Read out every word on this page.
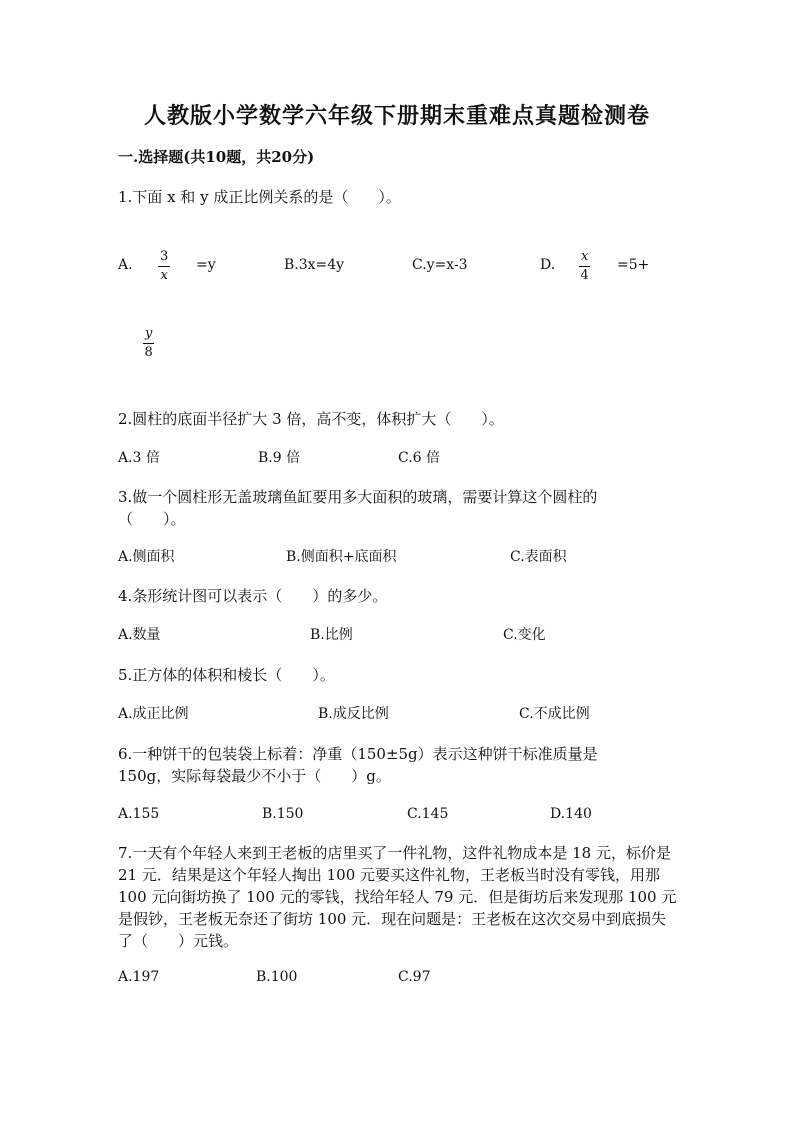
人教版小学数学六年级下册期末重难点真题检测卷
一.选择题(共10题，共20分)
1.下面 x 和 y 成正比例关系的是（　　）。
A.
3
x
=y	B.3x=4y	C.y=x-3	D.
x
4
=5+
y
8
2.圆柱的底面半径扩大 3 倍，高不变，体积扩大（　　）。
A.3 倍	B.9 倍	C.6 倍
3.做一个圆柱形无盖玻璃鱼缸要用多大面积的玻璃，需要计算这个圆柱的（　　）。
A.侧面积	B.侧面积+底面积	C.表面积
4.条形统计图可以表示（　　）的多少。
A.数量	B.比例	C.变化
5.正方体的体积和棱长（　　）。
A.成正比例	B.成反比例	C.不成比例
6.一种饼干的包装袋上标着：净重（150±5g）表示这种饼干标准质量是150g，实际每袋最少不小于（　　）g。
A.155	B.150	C.145	D.140
7.一天有个年轻人来到王老板的店里买了一件礼物，这件礼物成本是 18 元，标价是 21 元．结果是这个年轻人掏出 100 元要买这件礼物，王老板当时没有零钱，用那 100 元向街坊换了 100 元的零钱，找给年轻人 79 元．但是街坊后来发现那 100 元是假钞，王老板无奈还了街坊 100 元．现在问题是：王老板在这次交易中到底损失了（　　）元钱。
A.197	B.100	C.97
